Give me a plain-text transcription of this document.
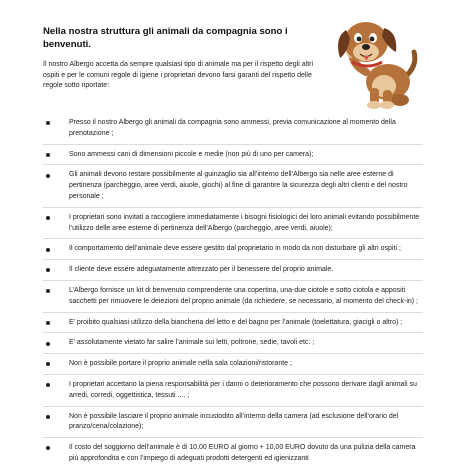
Nella nostra struttura gli animali da compagnia sono i benvenuti.
Il nostro Albergo accetta da sempre qualsiasi tipo di animale ma per il rispetto degli altri ospiti e per le comuni regole di igiene i proprietari devono farsi garanti del rispetto delle regole sotto riportate:
Presso il nostro Albergo gli animali da compagnia sono ammessi, previa comunicazione al momento della prenotazione ;
Sono ammessi cani di dimensioni piccole e medie (non più di uno per camera);
Gli animali devono restare possibilmente al guinzaglio sia all’interno dell’Albergo sia nelle aree esterne di pertinenza (parcheggio, aree verdi, aiuole, giochi) al fine di garantire la sicurezza degli altri clienti e del nostro personale ;
I proprietari sono invitati a raccogliere immediatamente i bisogni fisiologici dei loro animali evitando possibilmente l’utilizzo delle aree esterne di pertinenza dell’Albergo (parcheggio, aree verdi, aiuole);
Il comportamento dell’animale deve essere gestito dal proprietario in modo da non disturbare gli altri ospiti ;
Il cliente deve essere adeguatamente attrezzato per il benessere del proprio animale.
L’Albergo fornisce un kit di benvenuto comprendente una copertina, una-due ciotole e sotto ciotola e appositi sacchetti per rimuovere le deiezioni del proprio animale (da richiedere, se necessario, al momento del check-in) ;
E’ proibito qualsiasi utilizzo della biancheria del letto e del bagno per l’animale (toelettatura, giacigli o altro) ;
E’ assolutamente vietato far salire l’animale sui letti, poltrone, sedie, tavoli etc. ;
Non è possibile portare il proprio animale nella sala colazioni/ristorante ;
I proprietari accettano la piena responsabilità per i danni o deterioramento che possono derivare dagli animali su arredi, corredi, oggettistica, tessuti .... ;
Non è possibile lasciare il proprio animale incustodito all’interno della camera (ad esclusione dell’orario del pranzo/cena/colazione);
Il costo del soggiorno dell’animale è di 10,00 EURO al giorno + 10,00 EURO dovuto da una pulizia della camera più approfondita e con l’impiego di adeguati prodotti detergenti ed igienizzanti
